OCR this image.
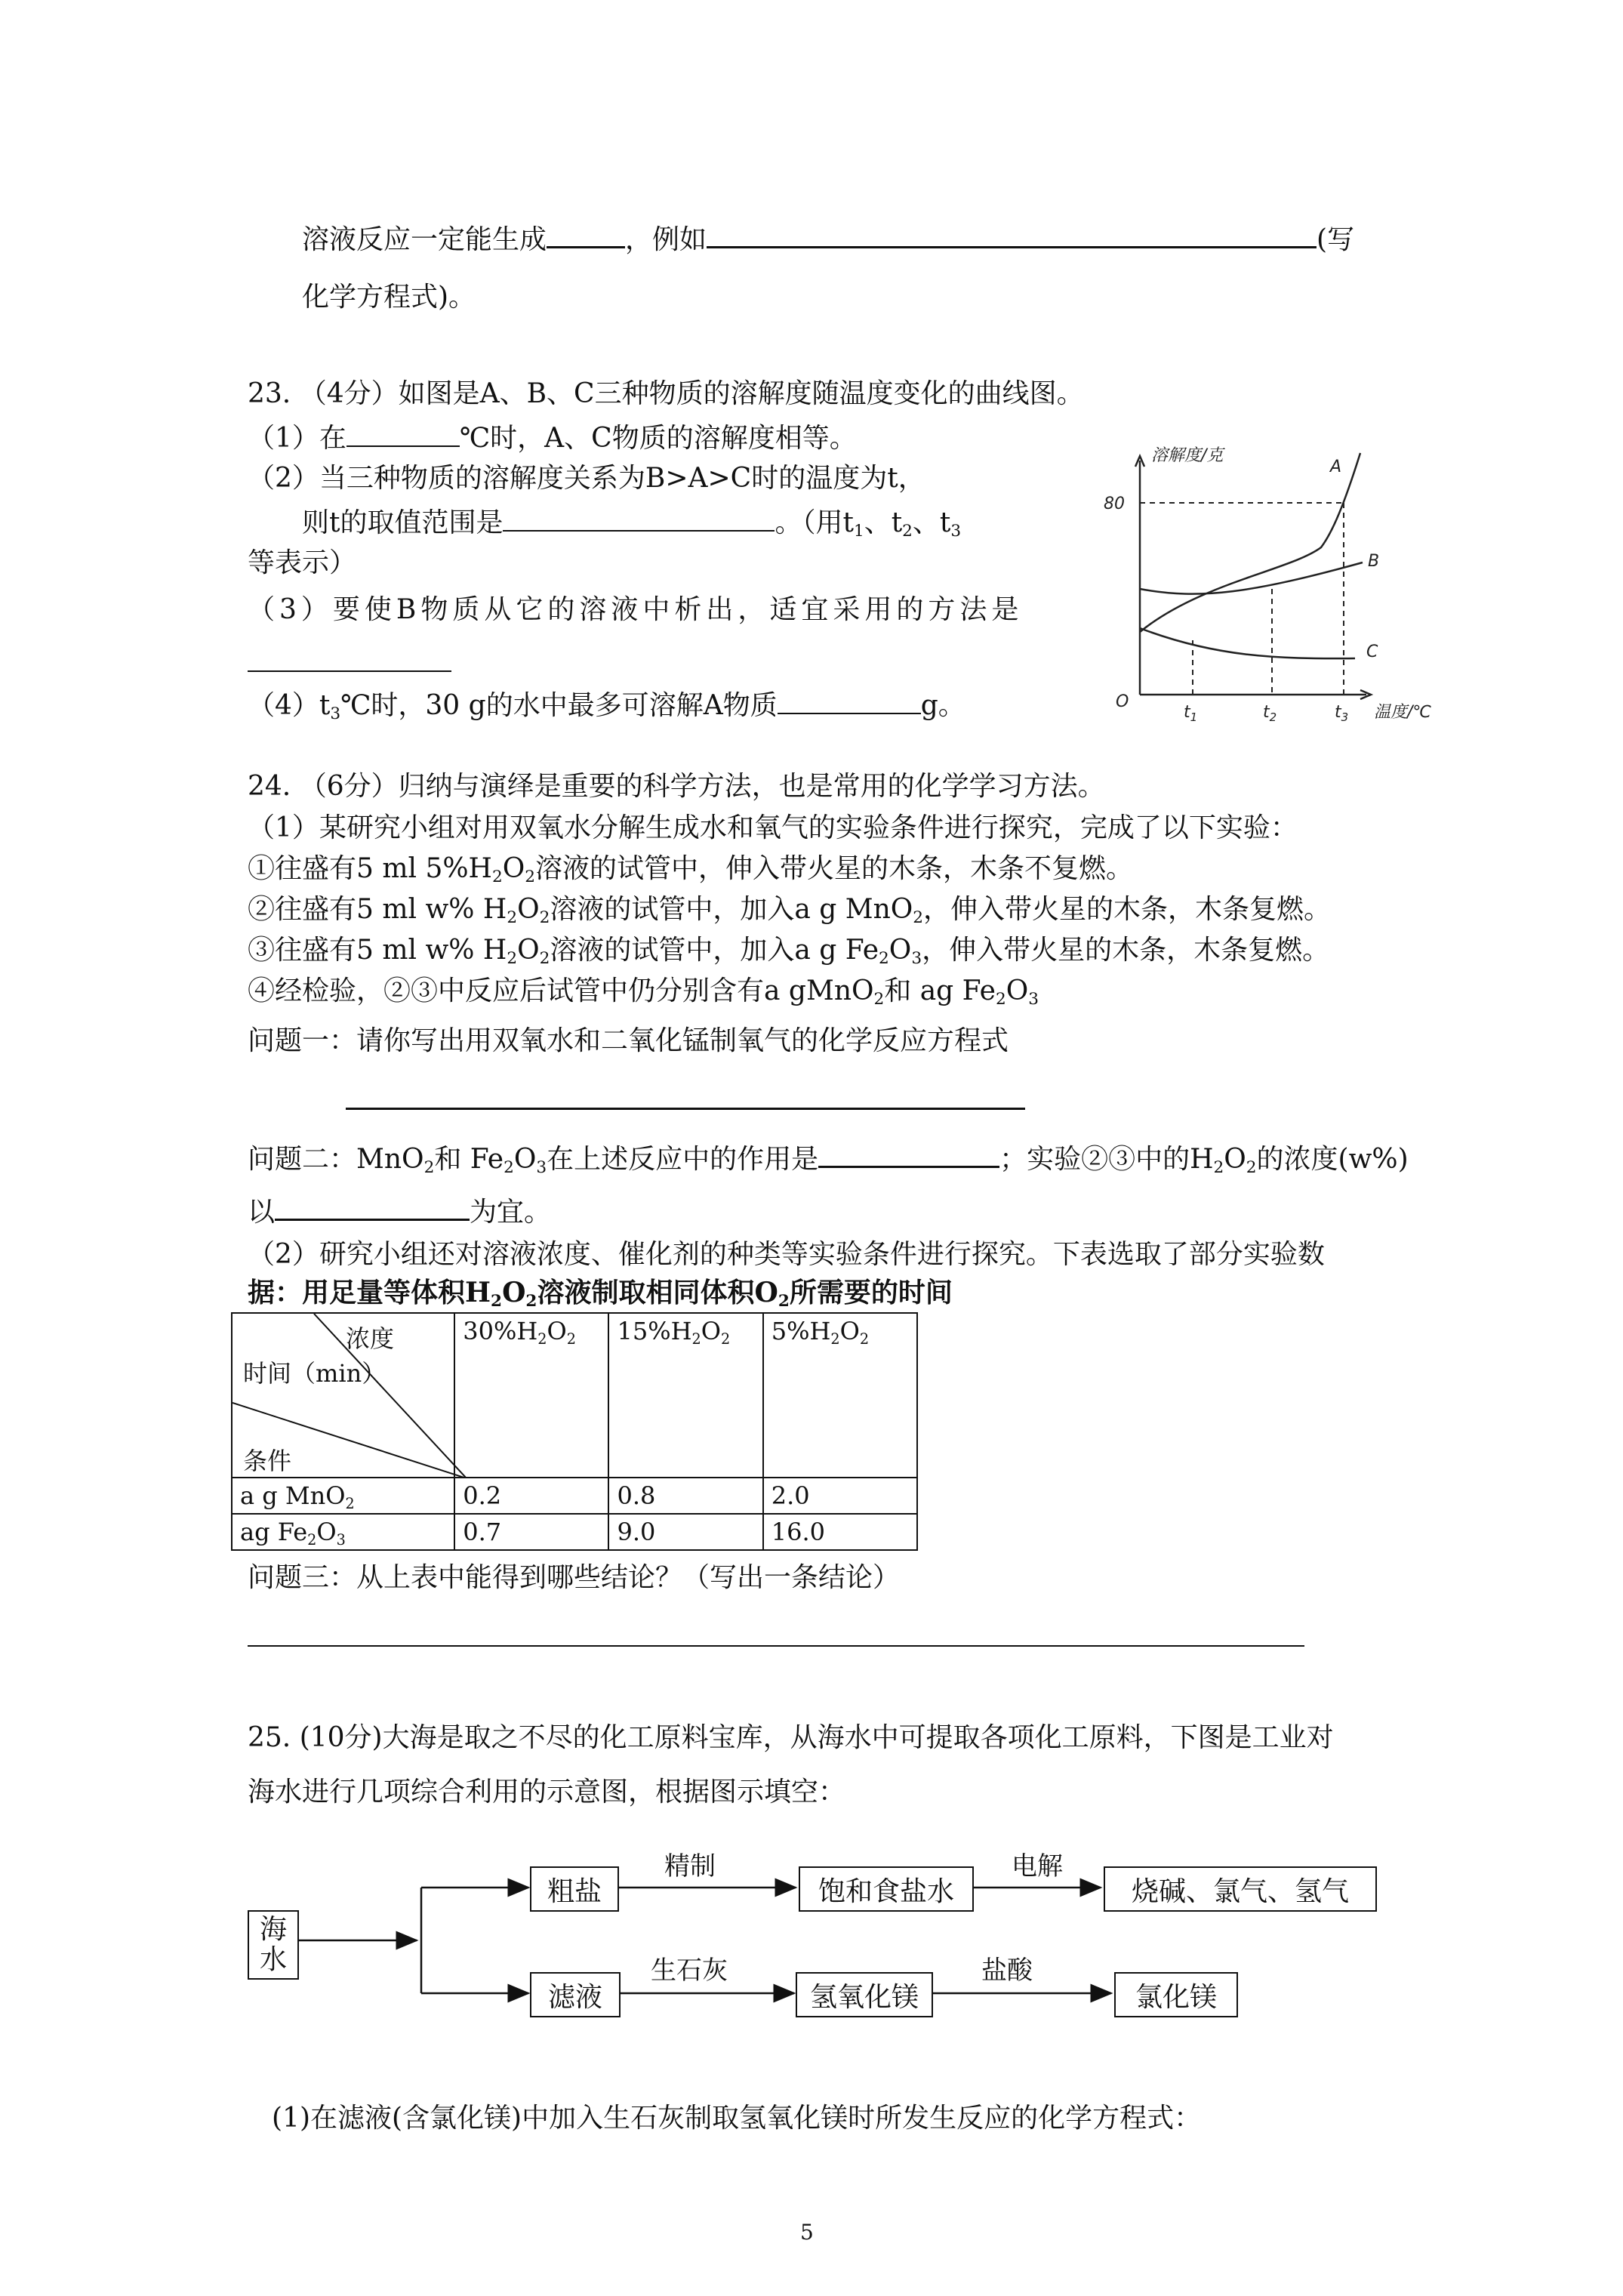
溶液反应一定能生成	，例如	(写
化学方程式)。
23. （4分）如图是A、B、C三种物质的溶解度随温度变化的曲线图。
（1）在	℃时，A、C物质的溶解度相等。
（2）当三种物质的溶解度关系为B>A>C时的温度为t，
则t的取值范围是	。（用$t_1$、$t_2$、$t_3$
等表示）
（3）要使B物质从它的溶液中析出，适宜采用的方法是
$(4)t_3℃$时，30 g的水中最多可溶解A物质	g。
溶解度/克
80
O
$t_1$	$t_2$	$t_3$ 温度/℃
A
B
C
24. （6分）归纳与演绎是重要的科学方法，也是常用的化学学习方法。
（1）某研究小组对用双氧水分解生成水和氧气的实验条件进行探究，完成了以下实验：
①往盛有5 ml $5\%H_2O_2$溶液的试管中，伸入带火星的木条，木条不复燃。
②往盛有5 ml w% $H_2O_2$溶液的试管中，加入a g MnO$_2$，伸入带火星的木条，木条复燃。
③往盛有5 ml w% $H_2O_2$溶液的试管中，加入a g $Fe_2O_3$，伸入带火星的木条，木条复燃。
④经检验，②③中反应后试管中仍分别含有a gMnO$_2$和 ag $Fe_2O_3$
问题一：请你写出用双氧水和二氧化锰制氧气的化学反应方程式
问题二：MnO$_2$和 $Fe_2O_3$在上述反应中的作用是	；实验②③中的$H_2O_2$的浓度(w%)
以	为宜。
（2）研究小组还对溶液浓度、催化剂的种类等实验条件进行探究。下表选取了部分实验数
据：用足量等体积$H_2O_2$溶液制取相同体积$O_2$所需要的时间
浓度
时间（min）
条件	$30\%H_2O_2$	$15\%H_2O_2$	$5\%H_2O_2$
a g MnO$_2$	0.2	0.8	2.0
ag $Fe_2O_3$	0.7	9.0	16.0
问题三：从上表中能得到哪些结论？（写出一条结论）
25. (10分)大海是取之不尽的化工原料宝库，从海水中可提取各项化工原料，下图是工业对
海水进行几项综合利用的示意图，根据图示填空：
海水
粗盐
精制
饱和食盐水
电解
烧碱、氯气、氢气
滤液
生石灰
氢氧化镁
盐酸
氯化镁
(1)在滤液(含氯化镁)中加入生石灰制取氢氧化镁时所发生反应的化学方程式：
5
